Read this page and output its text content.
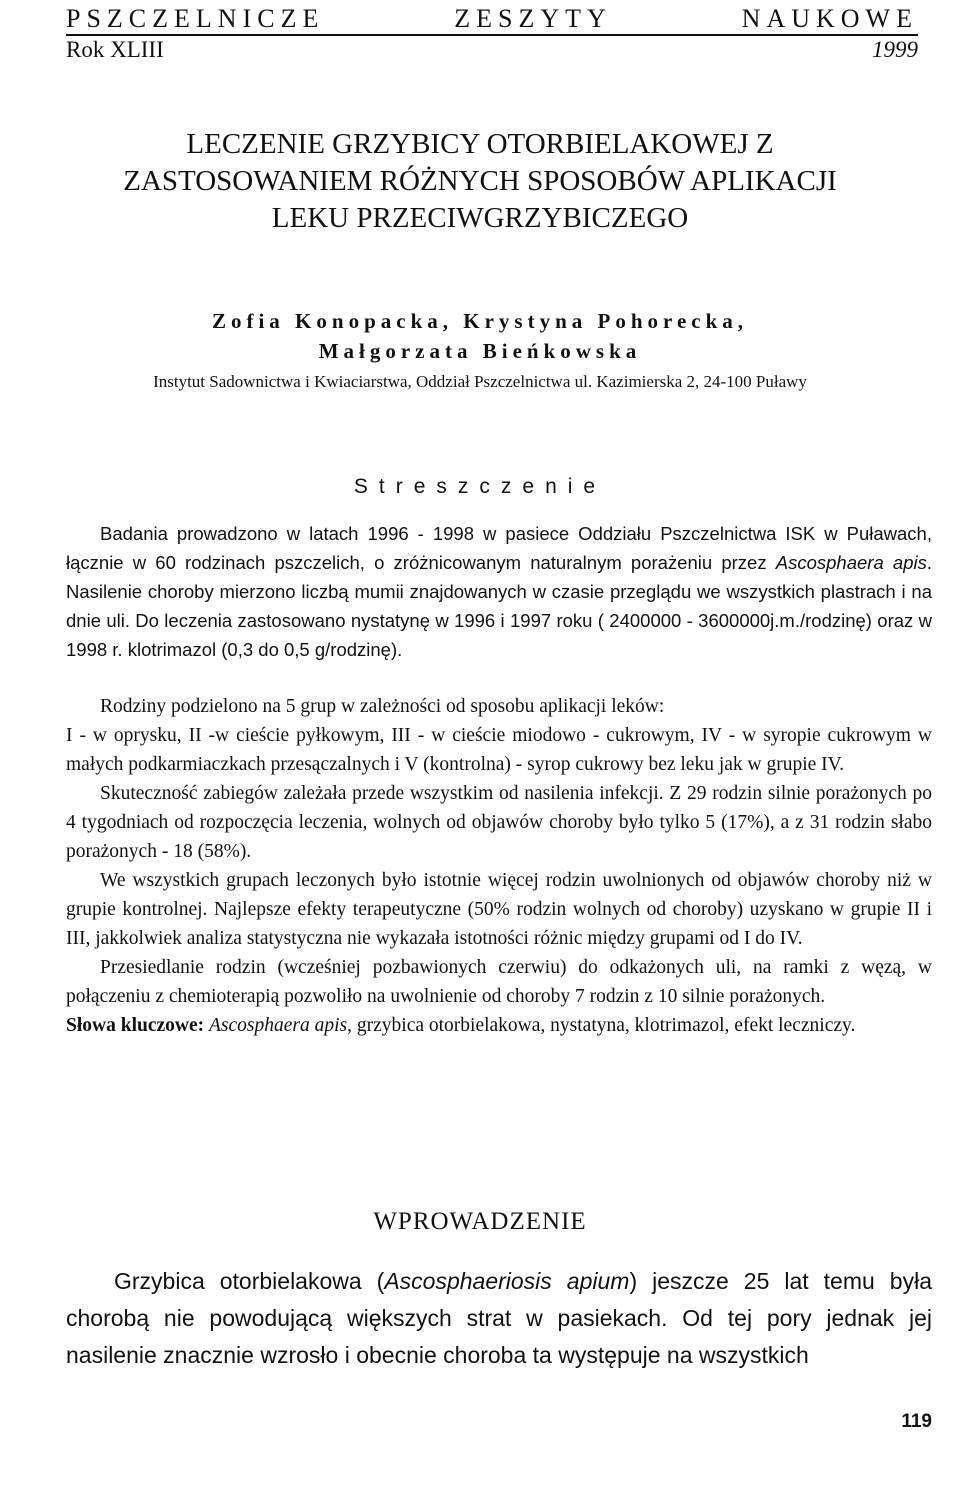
PSZCZELNICZE	ZESZYTY	NAUKOWE
Rok XLIII	1999
LECZENIE GRZYBICY OTORBIELAKOWEJ Z
ZASTOSOWANIEM RÓŻNYCH SPOSOBÓW APLIKACJI
LEKU PRZECIWGRZYBICZEGO
Zofia Konopacka, Krystyna Pohorecka,
Małgorzata Bieńkowska
Instytut Sadownictwa i Kwiaciarstwa, Oddział Pszczelnictwa ul. Kazimierska 2, 24-100 Puławy
Streszczenie

Badania prowadzono w latach 1996 - 1998 w pasiece Oddziału Pszczelnictwa ISK w Puławach, łącznie w 60 rodzinach pszczelich, o zróżnicowanym naturalnym porażeniu przez Ascosphaera apis. Nasilenie choroby mierzono liczbą mumii znajdowanych w czasie przeglądu we wszystkich plastrach i na dnie uli. Do leczenia zastosowano nystatynę w 1996 i 1997 roku ( 2400000 - 3600000j.m./rodzinę) oraz w 1998 r. klotrimazol (0,3 do 0,5 g/rodzinę).

Rodziny podzielono na 5 grup w zależności od sposobu aplikacji leków:

I - w oprysku, II -w cieście pyłkowym, III - w cieście miodowo - cukrowym, IV - w syropie cukrowym w małych podkarmiaczkach przesączalnych i V (kontrolna) - syrop cukrowy bez leku jak w grupie IV.

Skuteczność zabiegów zależała przede wszystkim od nasilenia infekcji. Z 29 rodzin silnie porażonych po 4 tygodniach od rozpoczęcia leczenia, wolnych od objawów choroby było tylko 5 (17%), a z 31 rodzin słabo porażonych - 18 (58%).

We wszystkich grupach leczonych było istotnie więcej rodzin uwolnionych od objawów choroby niż w grupie kontrolnej. Najlepsze efekty terapeutyczne (50% rodzin wolnych od choroby) uzyskano w grupie II i III, jakkolwiek analiza statystyczna nie wykazała istotności różnic między grupami od I do IV.

Przesiedlanie rodzin (wcześniej pozbawionych czerwiu) do odkażonych uli, na ramki z węzą, w połączeniu z chemioterapią pozwoliło na uwolnienie od choroby 7 rodzin z 10 silnie porażonych.

Słowa kluczowe: Ascosphaera apis, grzybica otorbielakowa, nystatyna, klotrimazol, efekt leczniczy.

WPROWADZENIE

Grzybica otorbielakowa (Ascosphaeriosis apium) jeszcze 25 lat temu była chorobą nie powodującą większych strat w pasiekach. Od tej pory jednak jej nasilenie znacznie wzrosło i obecnie choroba ta występuje na wszystkich

119
